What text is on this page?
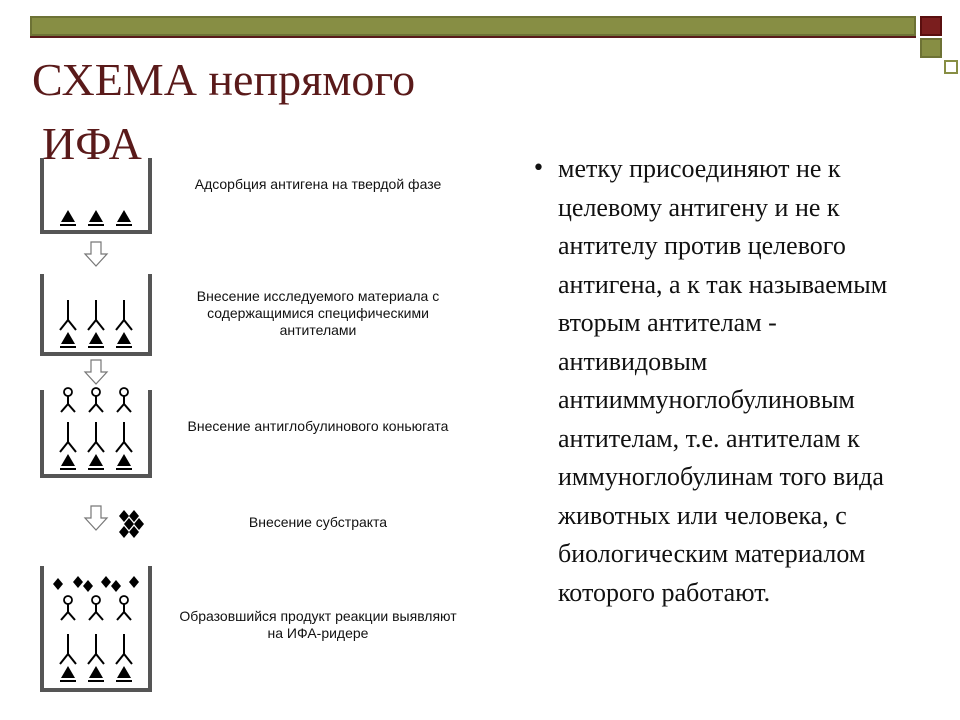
СХЕМА непрямого
ИФА
Адсорбция антигена на твердой фазе
Внесение исследуемого материала с содержащимися специфическими антителами
Внесение антиглобулинового коньюгата
Внесение субстракта
Образовшийся продукт реакции выявляют на ИФА-ридере
• метку присоединяют не к целевому антигену и не к антителу против целевого антигена, а к так называемым вторым антителам - антивидовым антииммуноглобулиновым антителам, т.е. антителам к иммуноглобулинам того вида животных или человека, с биологическим материалом которого работают.
